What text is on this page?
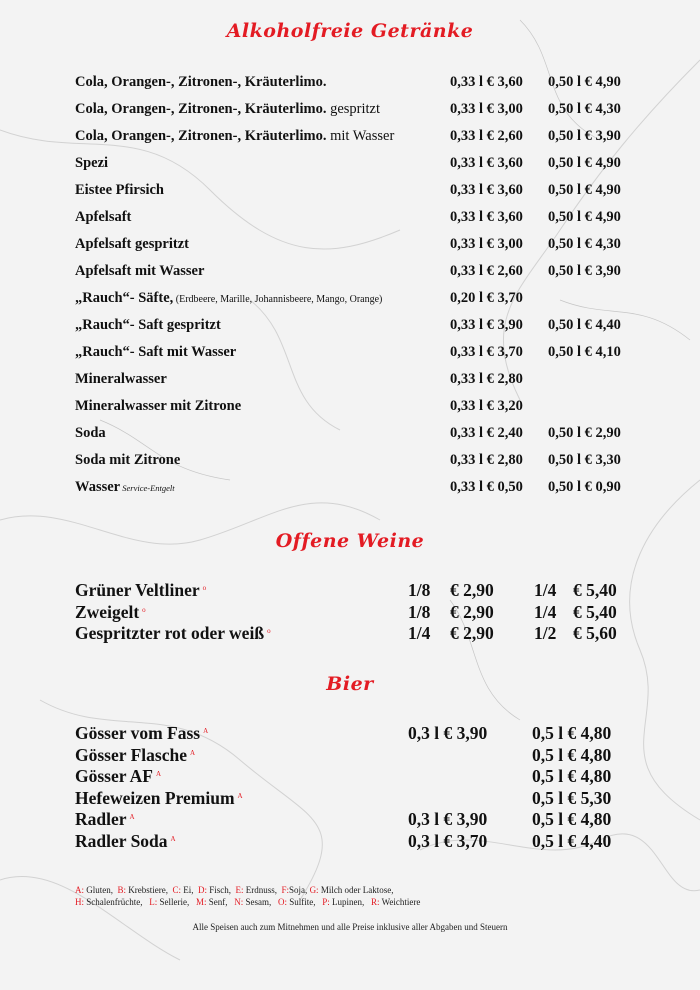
Alkoholfreie Getränke
Cola, Orangen-, Zitronen-, Kräuterlimo.	0,33 l € 3,60 0,50 l € 4,90
Cola, Orangen-, Zitronen-, Kräuterlimo. gespritzt	0,33 l € 3,00 0,50 l € 4,30
Cola, Orangen-, Zitronen-, Kräuterlimo. mit Wasser	0,33 l € 2,60 0,50 l € 3,90
Spezi	0,33 l € 3,60 0,50 l € 4,90
Eistee Pfirsich	0,33 l € 3,60 0,50 l € 4,90
Apfelsaft	0,33 l € 3,60 0,50 l € 4,90
Apfelsaft gespritzt	0,33 l € 3,00 0,50 l € 4,30
Apfelsaft mit Wasser	0,33 l € 2,60 0,50 l € 3,90
„Rauch“- Säfte, (Erdbeere, Marille, Johannisbeere, Mango, Orange)	0,20 l € 3,70
„Rauch“- Saft gespritzt	0,33 l € 3,90 0,50 l € 4,40
„Rauch“- Saft mit Wasser	0,33 l € 3,70 0,50 l € 4,10
Mineralwasser	0,33 l € 2,80
Mineralwasser mit Zitrone	0,33 l € 3,20
Soda	0,33 l € 2,40 0,50 l € 2,90
Soda mit Zitrone	0,33 l € 2,80 0,50 l € 3,30
Wasser Service-Entgelt	0,33 l € 0,50 0,50 l € 0,90
Offene Weine
Grüner Veltliner $^o$	1/8 € 2,90 1/4 € 5,40
Zweigelt $^o$	1/8 € 2,90 1/4 € 5,40
Gespritzter rot oder weiß $^o$	1/4 € 2,90 1/2 € 5,60
Bier
Gösser vom Fass $^A$	0,3 l € 3,90	0,5 l € 4,80
Gösser Flasche $^A$	0,5 l € 4,80
Gösser AF $^A$	0,5 l € 4,80
Hefeweizen Premium $^A$	0,5 l € 5,30
Radler $^A$	0,3 l € 3,90	0,5 l € 4,80
Radler Soda $^A$	0,3 l € 3,70	0,5 l € 4,40
A: Gluten, B: Krebstiere, C: Ei, D: Fisch, E: Erdnuss, F:Soja, G: Milch oder Laktose,
H: Schalenfrüchte, L: Sellerie, M: Senf, N: Sesam, O: Sulfite, P: Lupinen, R: Weichtiere
Alle Speisen auch zum Mitnehmen und alle Preise inklusive aller Abgaben und Steuern
